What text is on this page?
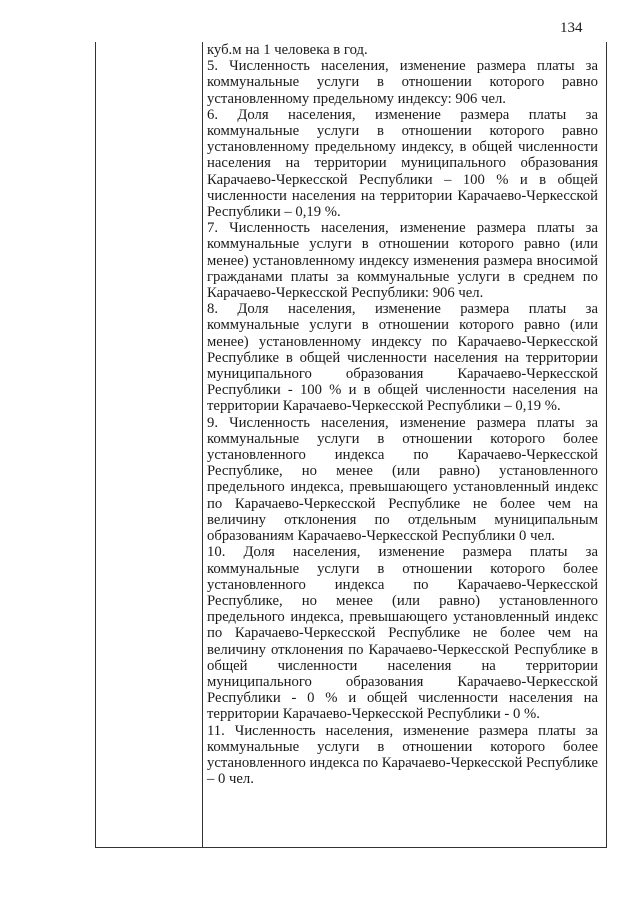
134

куб.м на 1 человека в год.

5. Численность населения, изменение размера платы за коммунальные услуги в отношении которого равно установленному предельному индексу: 906 чел.

6. Доля населения, изменение размера платы за коммунальные услуги в отношении которого равно установленному предельному индексу, в общей численности населения на территории муниципального образования Карачаево-Черкесской Республики – 100 % и в общей численности населения на территории Карачаево-Черкесской Республики – 0,19 %.

7. Численность населения, изменение размера платы за коммунальные услуги в отношении которого равно (или менее) установленному индексу изменения размера вносимой гражданами платы за коммунальные услуги в среднем по Карачаево-Черкесской Республики: 906 чел.

8. Доля населения, изменение размера платы за коммунальные услуги в отношении которого равно (или менее) установленному индексу по Карачаево-Черкесской Республике в общей численности населения на территории муниципального образования Карачаево-Черкесской Республики - 100 % и в общей численности населения на территории Карачаево-Черкесской Республики – 0,19 %.

9. Численность населения, изменение размера платы за коммунальные услуги в отношении которого более установленного индекса по Карачаево-Черкесской Республике, но менее (или равно) установленного предельного индекса, превышающего установленный индекс по Карачаево-Черкесской Республике не более чем на величину отклонения по отдельным муниципальным образованиям Карачаево-Черкесской Республики 0 чел.

10. Доля населения, изменение размера платы за коммунальные услуги в отношении которого более установленного индекса по Карачаево-Черкесской Республике, но менее (или равно) установленного предельного индекса, превышающего установленный индекс по Карачаево-Черкесской Республике не более чем на величину отклонения по Карачаево-Черкесской Республике в общей численности населения на территории муниципального образования Карачаево-Черкесской Республики - 0 % и общей численности населения на территории Карачаево-Черкесской Республики - 0 %.

11. Численность населения, изменение размера платы за коммунальные услуги в отношении которого более установленного индекса по Карачаево-Черкесской Республике – 0 чел.
